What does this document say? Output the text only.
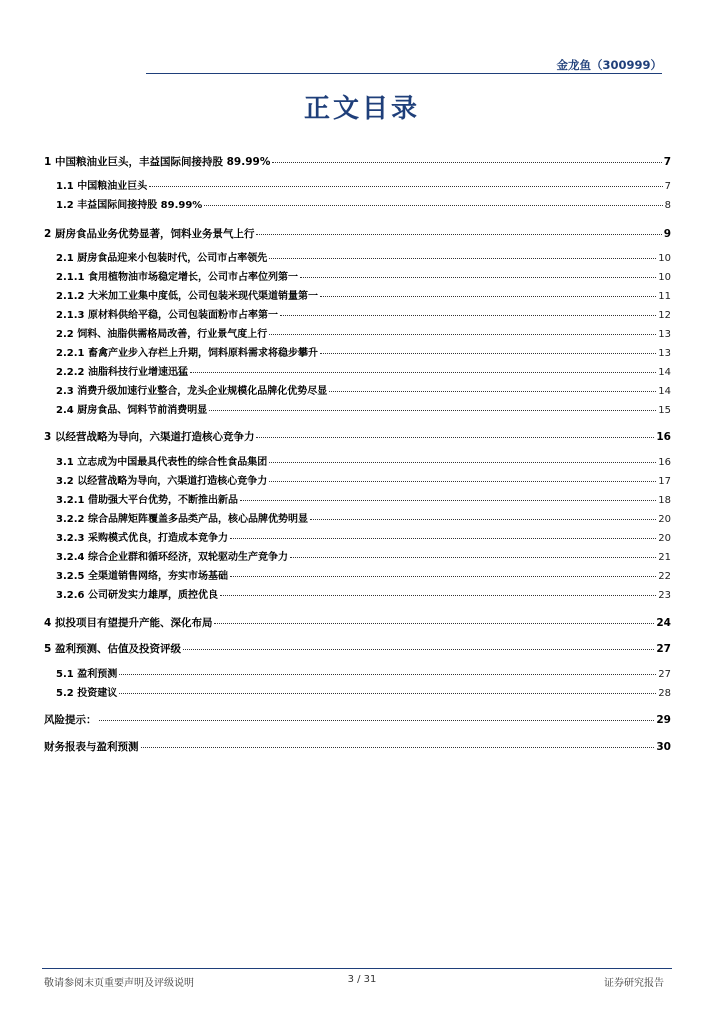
金龙鱼（300999）
正文目录
1 中国粮油业巨头，丰益国际间接持股 89.99%	7
1.1 中国粮油业巨头	7
1.2 丰益国际间接持股 89.99%	8
2 厨房食品业务优势显著，饲料业务景气上行	9
2.1 厨房食品迎来小包装时代，公司市占率领先	10
2.1.1 食用植物油市场稳定增长，公司市占率位列第一	10
2.1.2 大米加工业集中度低，公司包装米现代渠道销量第一	11
2.1.3 原材料供给平稳，公司包装面粉市占率第一	12
2.2 饲料、油脂供需格局改善，行业景气度上行	13
2.2.1 畜禽产业步入存栏上升期，饲料原料需求将稳步攀升	13
2.2.2 油脂科技行业增速迅猛	14
2.3 消费升级加速行业整合，龙头企业规模化品牌化优势尽显	14
2.4 厨房食品、饲料节前消费明显	15
3 以经营战略为导向，六渠道打造核心竞争力	16
3.1 立志成为中国最具代表性的综合性食品集团	16
3.2 以经营战略为导向，六渠道打造核心竞争力	17
3.2.1 借助强大平台优势，不断推出新品	18
3.2.2 综合品牌矩阵覆盖多品类产品，核心品牌优势明显	20
3.2.3 采购模式优良，打造成本竞争力	20
3.2.4 综合企业群和循环经济，双轮驱动生产竞争力	21
3.2.5 全渠道销售网络，夯实市场基础	22
3.2.6 公司研发实力雄厚，质控优良	23
4 拟投项目有望提升产能、深化布局	24
5 盈利预测、估值及投资评级	27
5.1 盈利预测	27
5.2 投资建议	28
风险提示：	29
财务报表与盈利预测	30
敬请参阅末页重要声明及评级说明	3 / 31	证券研究报告
